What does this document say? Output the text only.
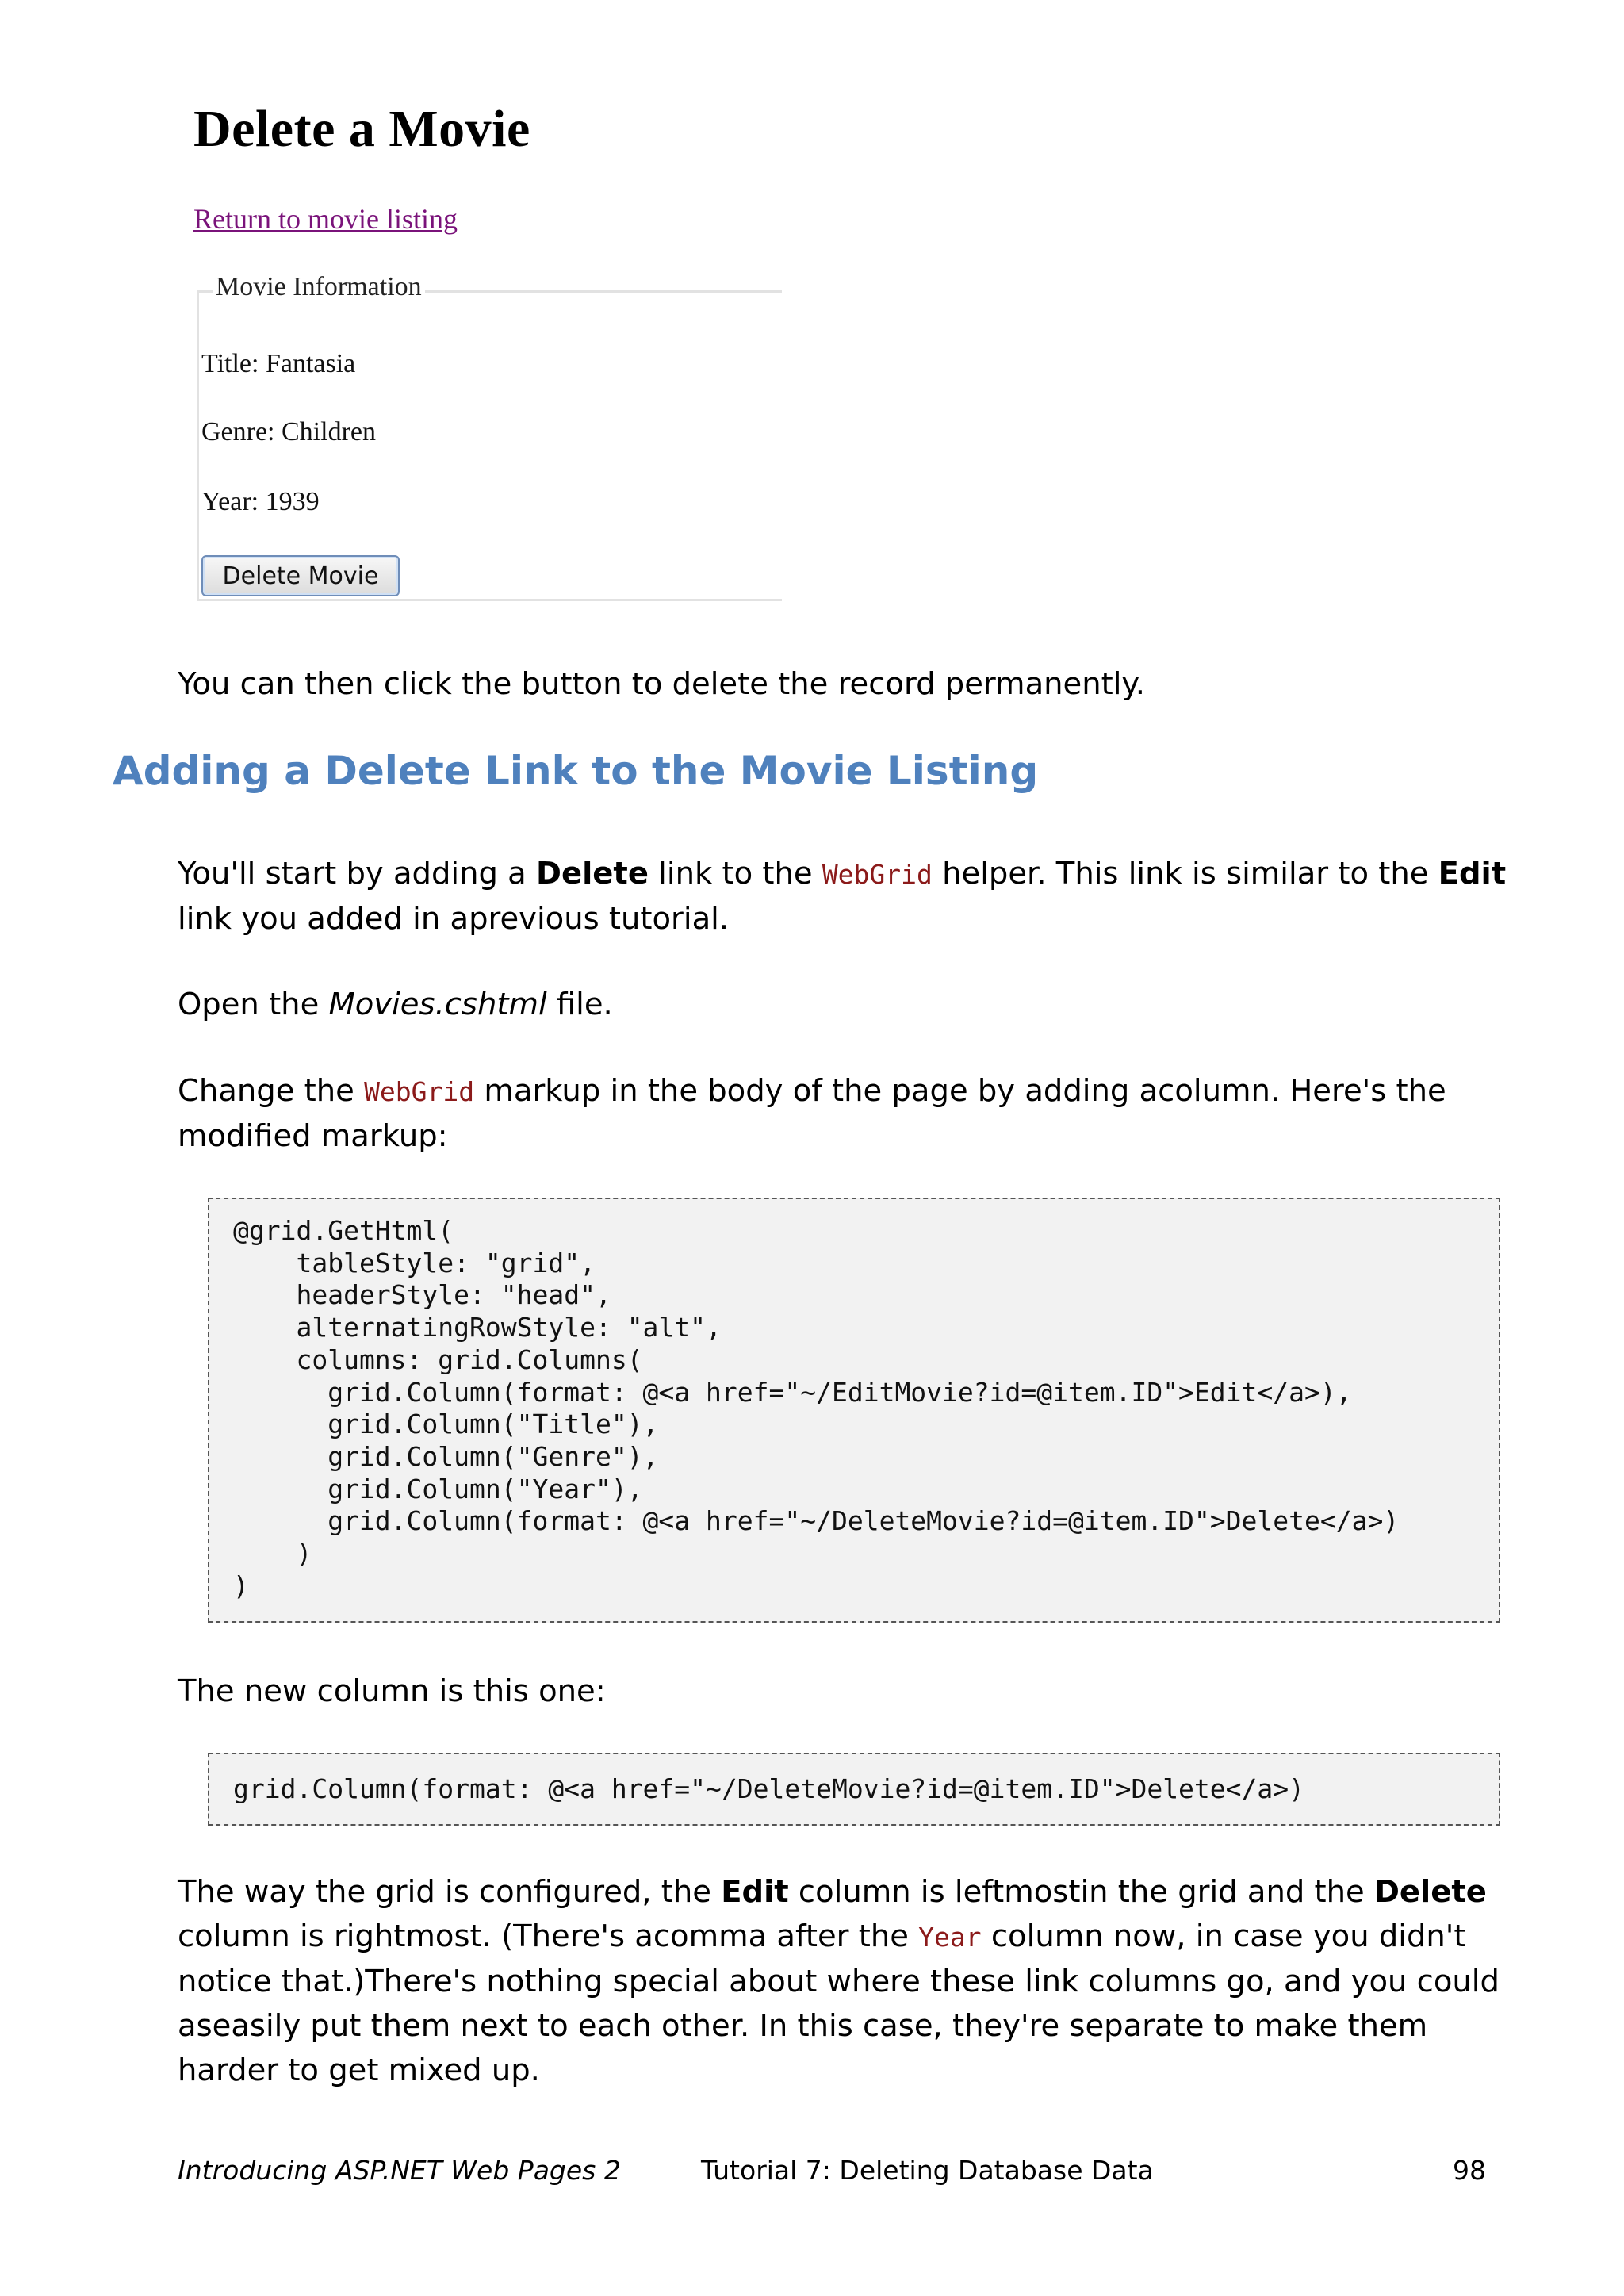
Delete a Movie
Return to movie listing
Movie Information
Title: Fantasia
Genre: Children
Year: 1939
Delete Movie

You can then click the button to delete the record permanently.

Adding a Delete Link to the Movie Listing

You'll start by adding a Delete link to the WebGrid helper. This link is similar to the Edit link you added in aprevious tutorial.

Open the Movies.cshtml file.

Change the WebGrid markup in the body of the page by adding acolumn. Here's the modified markup:

@grid.GetHtml(
tableStyle: "grid",
headerStyle: "head",
alternatingRowStyle: "alt",
columns: grid.Columns(
grid.Column(format: @<a href="~/EditMovie?id=@item.ID">Edit</a>),
grid.Column("Title"),
grid.Column("Genre"),
grid.Column("Year"),
grid.Column(format: @<a href="~/DeleteMovie?id=@item.ID">Delete</a>)
)
)

The new column is this one:

grid.Column(format: @<a href="~/DeleteMovie?id=@item.ID">Delete</a>)

The way the grid is configured, the Edit column is leftmostin the grid and the Delete column is rightmost. (There's acomma after the Year column now, in case you didn't notice that.)There's nothing special about where these link columns go, and you could aseasily put them next to each other. In this case, they're separate to make them harder to get mixed up.

Introducing ASP.NET Web Pages 2	Tutorial 7: Deleting Database Data	98
